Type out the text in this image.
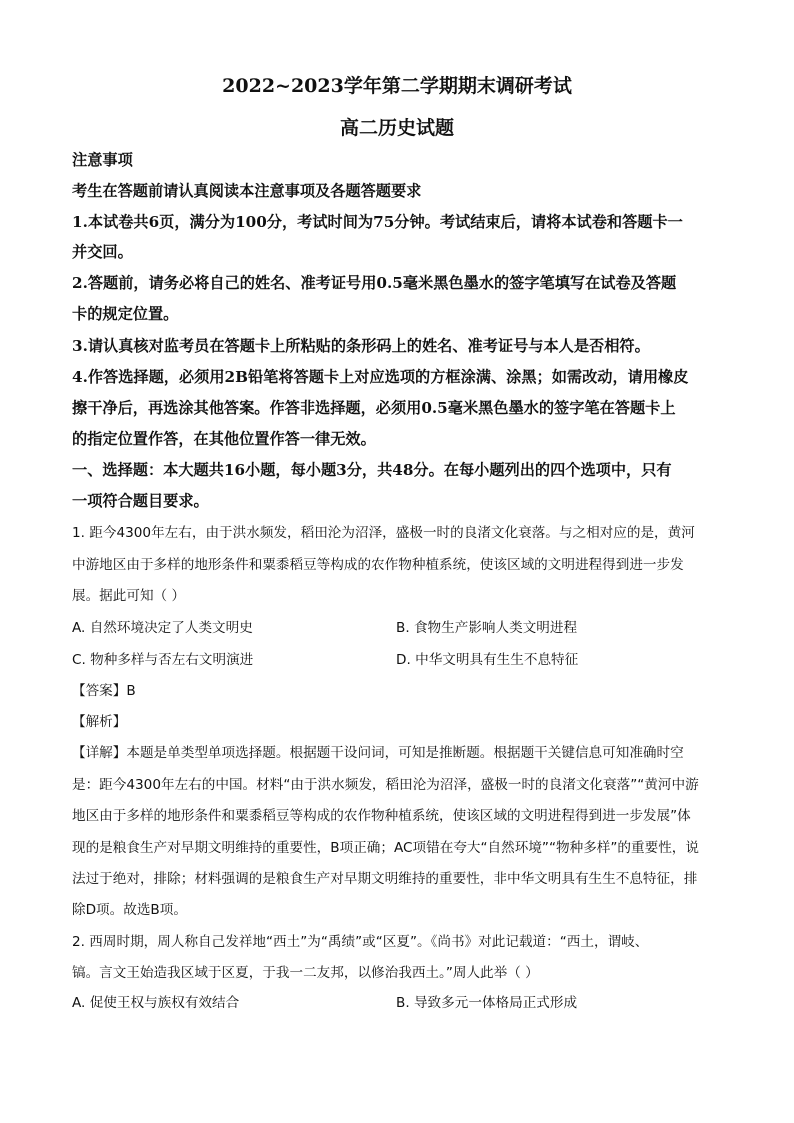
2022~2023学年第二学期期末调研考试
高二历史试题
注意事项
考生在答题前请认真阅读本注意事项及各题答题要求
1.本试卷共6页，满分为100分，考试时间为75分钟。考试结束后，请将本试卷和答题卡一
并交回。
2.答题前，请务必将自己的姓名、准考证号用0.5毫米黑色墨水的签字笔填写在试卷及答题
卡的规定位置。
3.请认真核对监考员在答题卡上所粘贴的条形码上的姓名、准考证号与本人是否相符。
4.作答选择题，必须用2B铅笔将答题卡上对应选项的方框涂满、涂黑；如需改动，请用橡皮
擦干净后，再选涂其他答案。作答非选择题，必须用0.5毫米黑色墨水的签字笔在答题卡上
的指定位置作答，在其他位置作答一律无效。
一、选择题：本大题共16小题，每小题3分，共48分。在每小题列出的四个选项中，只有
一项符合题目要求。
1. 距今4300年左右，由于洪水频发，稻田沦为沼泽，盛极一时的良渚文化衰落。与之相对应的是，黄河
中游地区由于多样的地形条件和粟黍稻豆等构成的农作物种植系统，使该区域的文明进程得到进一步发
展。据此可知（ ）
A. 自然环境决定了人类文明史	B. 食物生产影响人类文明进程
C. 物种多样与否左右文明演进	D. 中华文明具有生生不息特征
【答案】B
【解析】
【详解】本题是单类型单项选择题。根据题干设问词，可知是推断题。根据题干关键信息可知准确时空
是：距今4300年左右的中国。材料“由于洪水频发，稻田沦为沼泽，盛极一时的良渚文化衰落”“黄河中游
地区由于多样的地形条件和粟黍稻豆等构成的农作物种植系统，使该区域的文明进程得到进一步发展”体
现的是粮食生产对早期文明维持的重要性，B项正确；AC项错在夸大“自然环境”“物种多样”的重要性，说
法过于绝对，排除；材料强调的是粮食生产对早期文明维持的重要性，非中华文明具有生生不息特征，排
除D项。故选B项。
2. 西周时期，周人称自己发祥地“西土”为“禹绩”或“区夏”。《尚书》对此记载道：“西土，谓岐、
镐。言文王始造我区域于区夏，于我一二友邦，以修治我西土。”周人此举（ ）
A. 促使王权与族权有效结合	B. 导致多元一体格局正式形成
